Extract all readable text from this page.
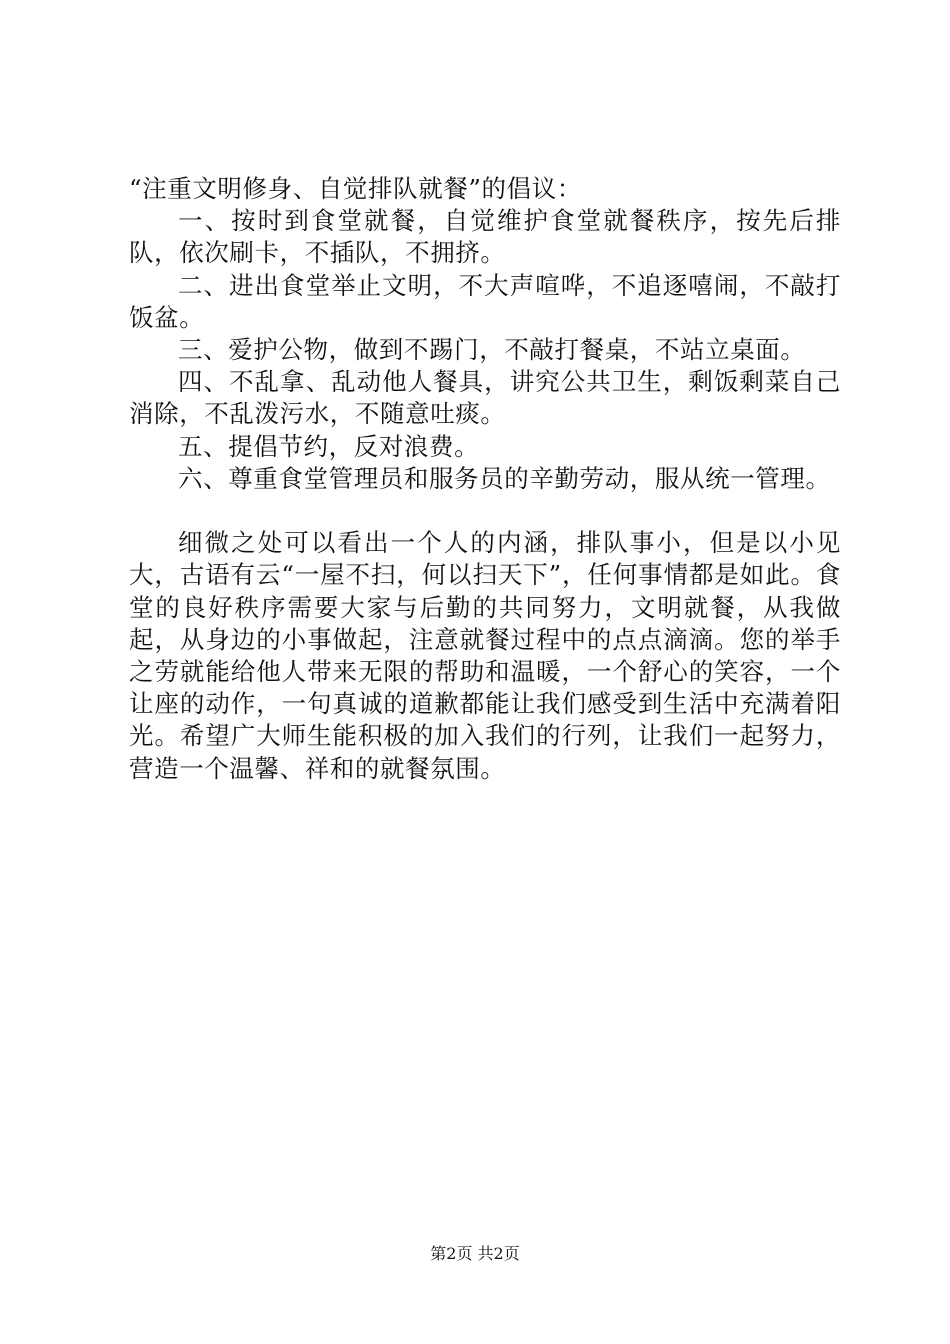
“注重文明修身、自觉排队就餐”的倡议：

一、按时到食堂就餐，自觉维护食堂就餐秩序，按先后排队，依次刷卡，不插队，不拥挤。

二、进出食堂举止文明，不大声喧哗，不追逐嘻闹，不敲打饭盆。

三、爱护公物，做到不踢门，不敲打餐桌，不站立桌面。

四、不乱拿、乱动他人餐具，讲究公共卫生，剩饭剩菜自己消除，不乱泼污水，不随意吐痰。

五、提倡节约，反对浪费。

六、尊重食堂管理员和服务员的辛勤劳动，服从统一管理。

细微之处可以看出一个人的内涵，排队事小，但是以小见大，古语有云“一屋不扫，何以扫天下”，任何事情都是如此。食堂的良好秩序需要大家与后勤的共同努力，文明就餐，从我做起，从身边的小事做起，注意就餐过程中的点点滴滴。您的举手之劳就能给他人带来无限的帮助和温暖，一个舒心的笑容，一个让座的动作，一句真诚的道歉都能让我们感受到生活中充满着阳光。希望广大师生能积极的加入我们的行列，让我们一起努力，营造一个温馨、祥和的就餐氛围。

第2页 共2页
